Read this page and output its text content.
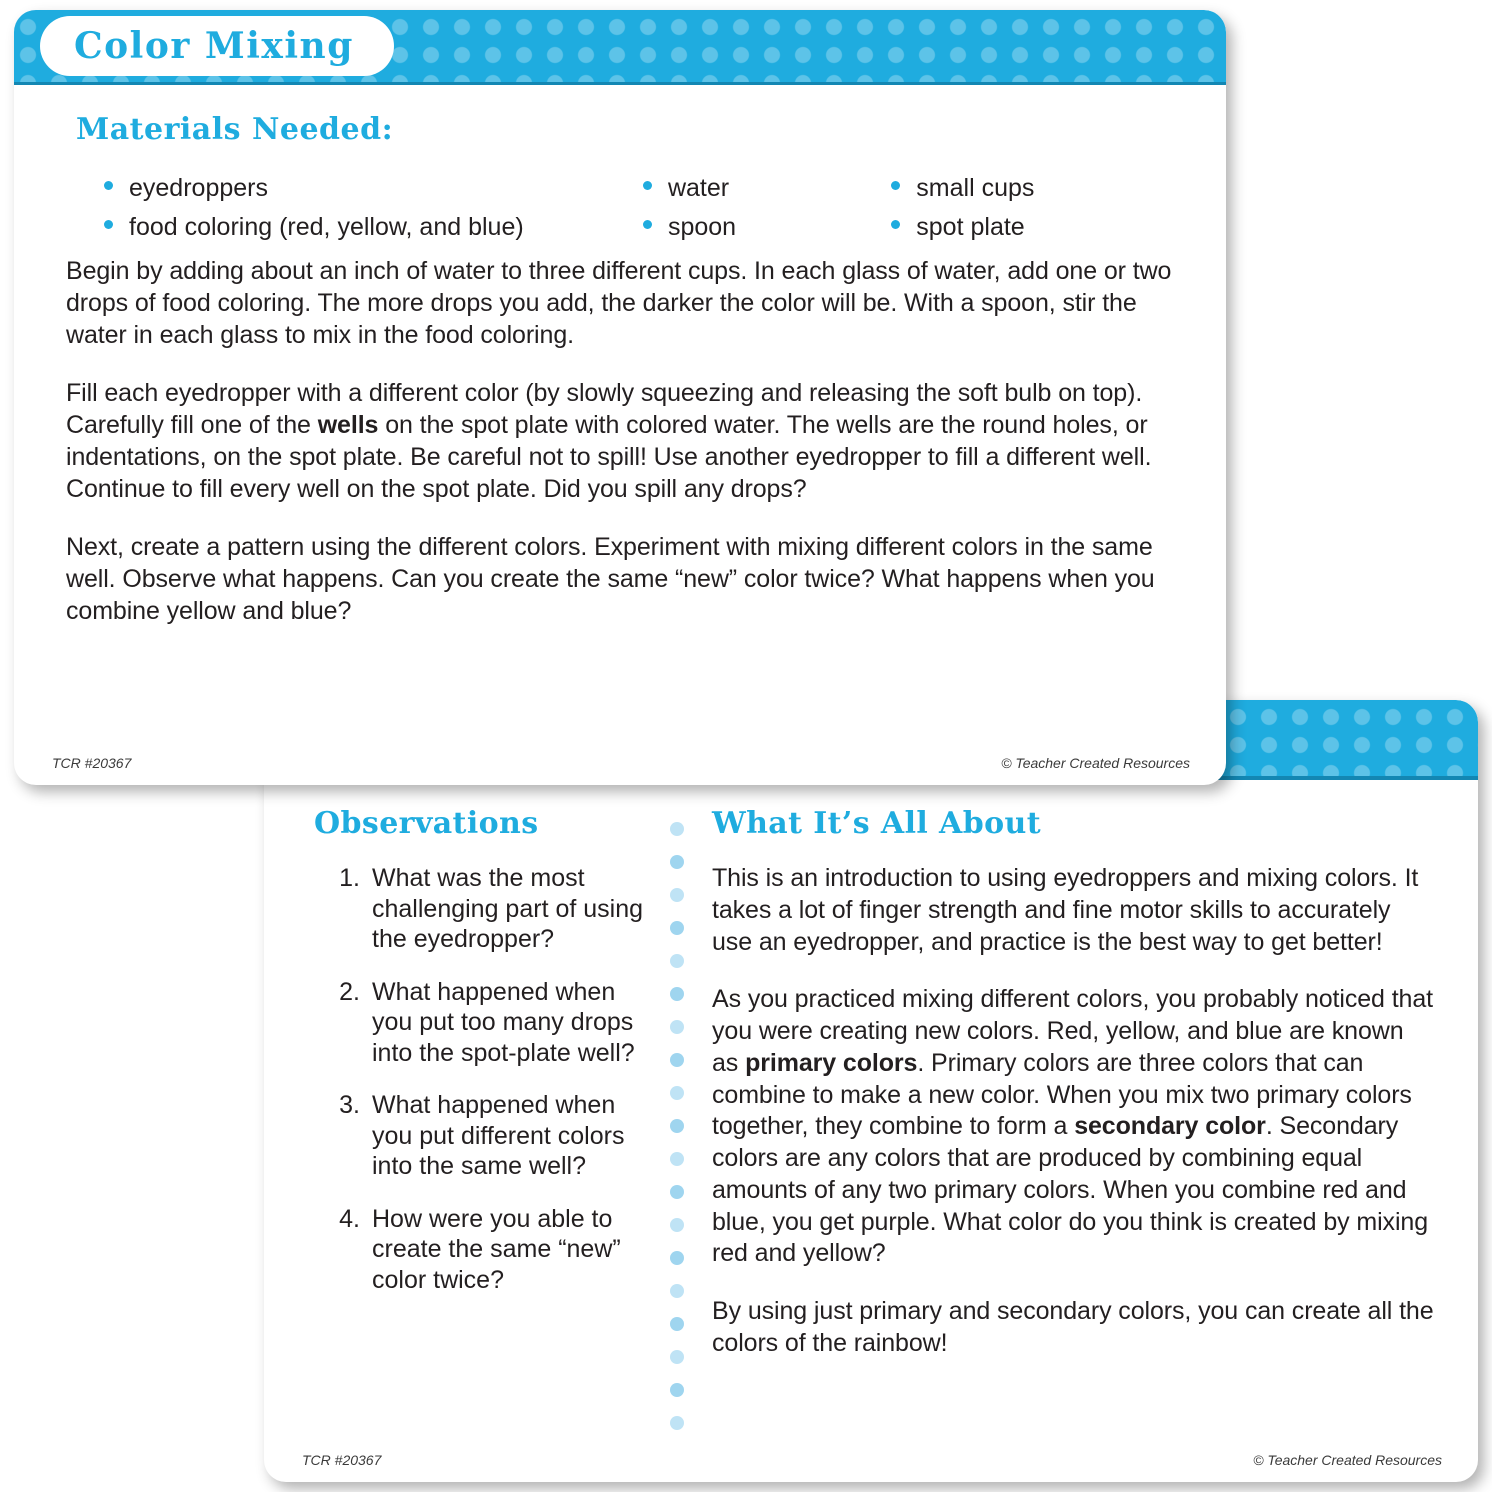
Observations
1. What was the most challenging part of using the eyedropper?
2. What happened when you put too many drops into the spot-plate well?
3. What happened when you put different colors into the same well?
4. How were you able to create the same “new” color twice?
What It’s All About

This is an introduction to using eyedroppers and mixing colors. It takes a lot of finger strength and fine motor skills to accurately use an eyedropper, and practice is the best way to get better!

As you practiced mixing different colors, you probably noticed that you were creating new colors. Red, yellow, and blue are known as primary colors. Primary colors are three colors that can combine to make a new color. When you mix two primary colors together, they combine to form a secondary color. Secondary colors are any colors that are produced by combining equal amounts of any two primary colors. When you combine red and blue, you get purple. What color do you think is created by mixing red and yellow?

By using just primary and secondary colors, you can create all the colors of the rainbow!

TCR #20367	© Teacher Created Resources
Color Mixing
Materials Needed:
eyedroppers
food coloring (red, yellow, and blue)
water
spoon
small cups
spot plate

Begin by adding about an inch of water to three different cups. In each glass of water, add one or two drops of food coloring. The more drops you add, the darker the color will be. With a spoon, stir the water in each glass to mix in the food coloring.

Fill each eyedropper with a different color (by slowly squeezing and releasing the soft bulb on top). Carefully fill one of the wells on the spot plate with colored water. The wells are the round holes, or indentations, on the spot plate. Be careful not to spill! Use another eyedropper to fill a different well. Continue to fill every well on the spot plate. Did you spill any drops?

Next, create a pattern using the different colors. Experiment with mixing different colors in the same well. Observe what happens. Can you create the same “new” color twice? What happens when you combine yellow and blue?

TCR #20367	© Teacher Created Resources
